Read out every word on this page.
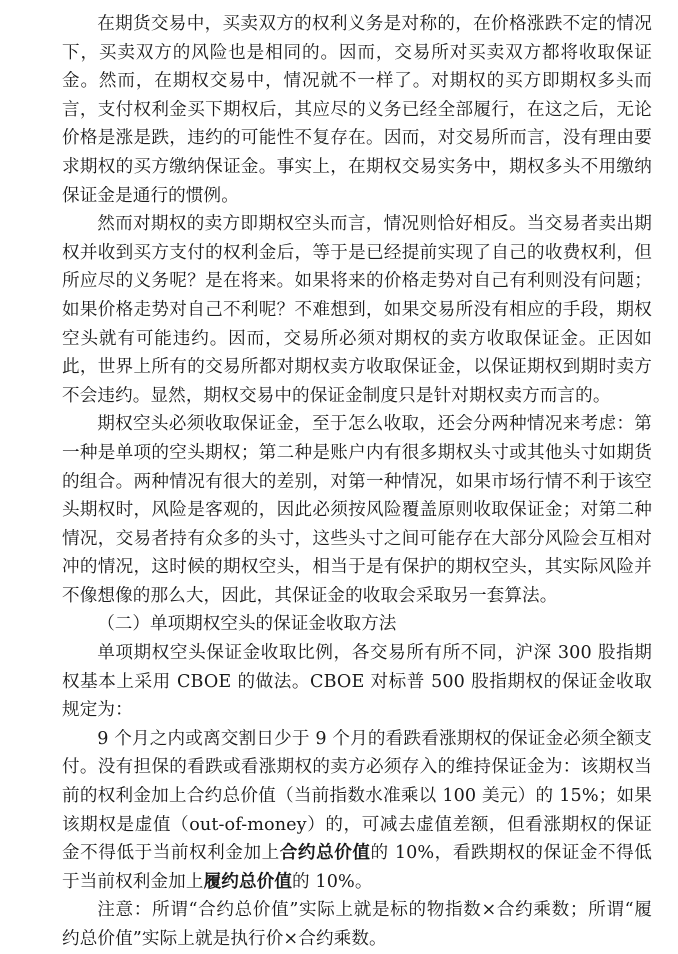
在期货交易中，买卖双方的权利义务是对称的，在价格涨跌不定的情况下，买卖双方的风险也是相同的。因而，交易所对买卖双方都将收取保证金。然而，在期权交易中，情况就不一样了。对期权的买方即期权多头而言，支付权利金买下期权后，其应尽的义务已经全部履行，在这之后，无论价格是涨是跌，违约的可能性不复存在。因而，对交易所而言，没有理由要求期权的买方缴纳保证金。事实上，在期权交易实务中，期权多头不用缴纳保证金是通行的惯例。

然而对期权的卖方即期权空头而言，情况则恰好相反。当交易者卖出期权并收到买方支付的权利金后，等于是已经提前实现了自己的收费权利，但所应尽的义务呢？是在将来。如果将来的价格走势对自己有利则没有问题；如果价格走势对自己不利呢？不难想到，如果交易所没有相应的手段，期权空头就有可能违约。因而，交易所必须对期权的卖方收取保证金。正因如此，世界上所有的交易所都对期权卖方收取保证金，以保证期权到期时卖方不会违约。显然，期权交易中的保证金制度只是针对期权卖方而言的。

期权空头必须收取保证金，至于怎么收取，还会分两种情况来考虑：第一种是单项的空头期权；第二种是账户内有很多期权头寸或其他头寸如期货的组合。两种情况有很大的差别，对第一种情况，如果市场行情不利于该空头期权时，风险是客观的，因此必须按风险覆盖原则收取保证金；对第二种情况，交易者持有众多的头寸，这些头寸之间可能存在大部分风险会互相对冲的情况，这时候的期权空头，相当于是有保护的期权空头，其实际风险并不像想像的那么大，因此，其保证金的收取会采取另一套算法。

（二）单项期权空头的保证金收取方法

单项期权空头保证金收取比例，各交易所有所不同，沪深 300 股指期权基本上采用 CBOE 的做法。CBOE 对标普 500 股指期权的保证金收取规定为：

9 个月之内或离交割日少于 9 个月的看跌看涨期权的保证金必须全额支付。没有担保的看跌或看涨期权的卖方必须存入的维持保证金为：该期权当前的权利金加上合约总价值（当前指数水准乘以 100 美元）的 15%；如果该期权是虚值（out-of-money）的，可减去虚值差额，但看涨期权的保证金不得低于当前权利金加上合约总价值的 10%，看跌期权的保证金不得低于当前权利金加上履约总价值的 10%。

注意：所谓“合约总价值”实际上就是标的物指数×合约乘数；所谓“履约总价值”实际上就是执行价×合约乘数。
